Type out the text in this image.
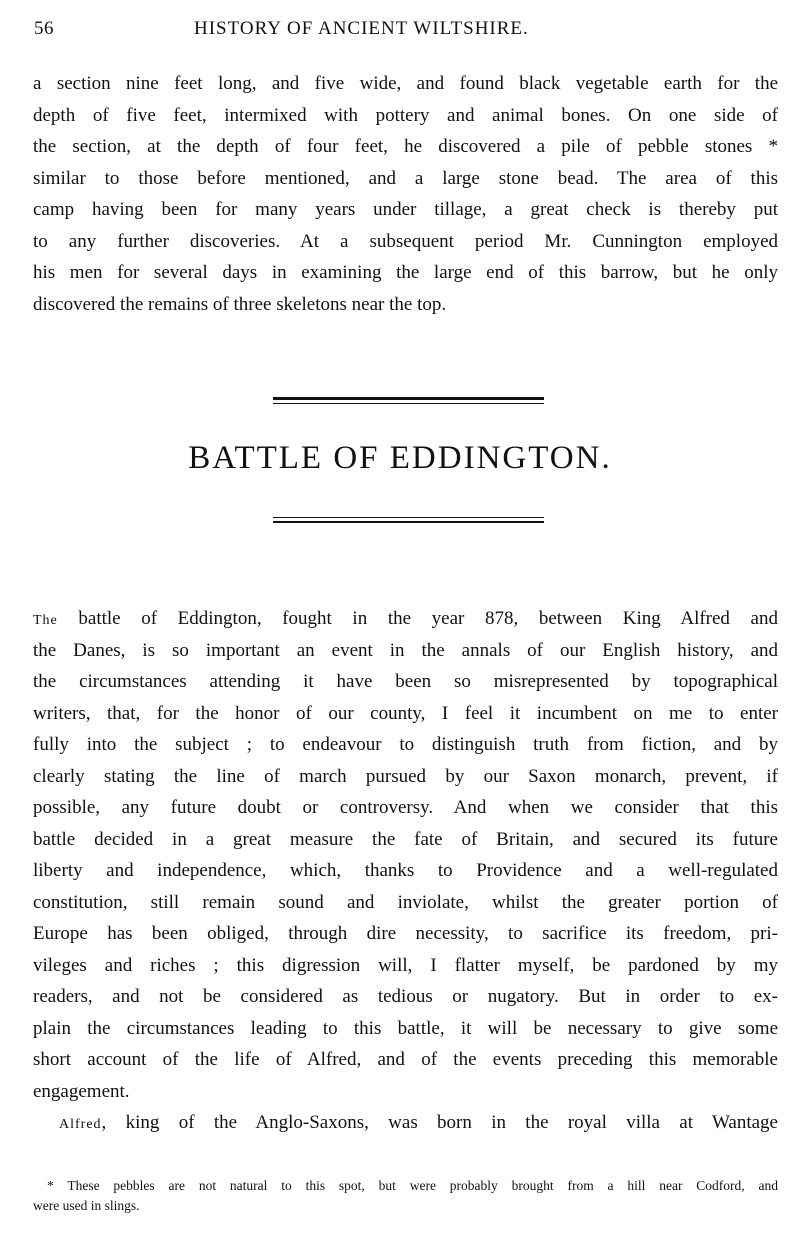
56	HISTORY OF ANCIENT WILTSHIRE.
a section nine feet long, and five wide, and found black vegetable earth for the
depth of five feet, intermixed with pottery and animal bones. On one side of
the section, at the depth of four feet, he discovered a pile of pebble stones *
similar to those before mentioned, and a large stone bead. The area of this
camp having been for many years under tillage, a great check is thereby put
to any further discoveries. At a subsequent period Mr. Cunnington employed
his men for several days in examining the large end of this barrow, but he only
discovered the remains of three skeletons near the top.
BATTLE OF EDDINGTON.
The battle of Eddington, fought in the year 878, between King Alfred and
the Danes, is so important an event in the annals of our English history, and
the circumstances attending it have been so misrepresented by topographical
writers, that, for the honor of our county, I feel it incumbent on me to enter
fully into the subject ; to endeavour to distinguish truth from fiction, and by
clearly stating the line of march pursued by our Saxon monarch, prevent, if
possible, any future doubt or controversy. And when we consider that this
battle decided in a great measure the fate of Britain, and secured its future
liberty and independence, which, thanks to Providence and a well-regulated
constitution, still remain sound and inviolate, whilst the greater portion of
Europe has been obliged, through dire necessity, to sacrifice its freedom, pri-
vileges and riches ; this digression will, I flatter myself, be pardoned by my
readers, and not be considered as tedious or nugatory. But in order to ex-
plain the circumstances leading to this battle, it will be necessary to give some
short account of the life of Alfred, and of the events preceding this memorable
engagement.
Alfred, king of the Anglo-Saxons, was born in the royal villa at Wantage
* These pebbles are not natural to this spot, but were probably brought from a hill near Codford, and
were used in slings.
